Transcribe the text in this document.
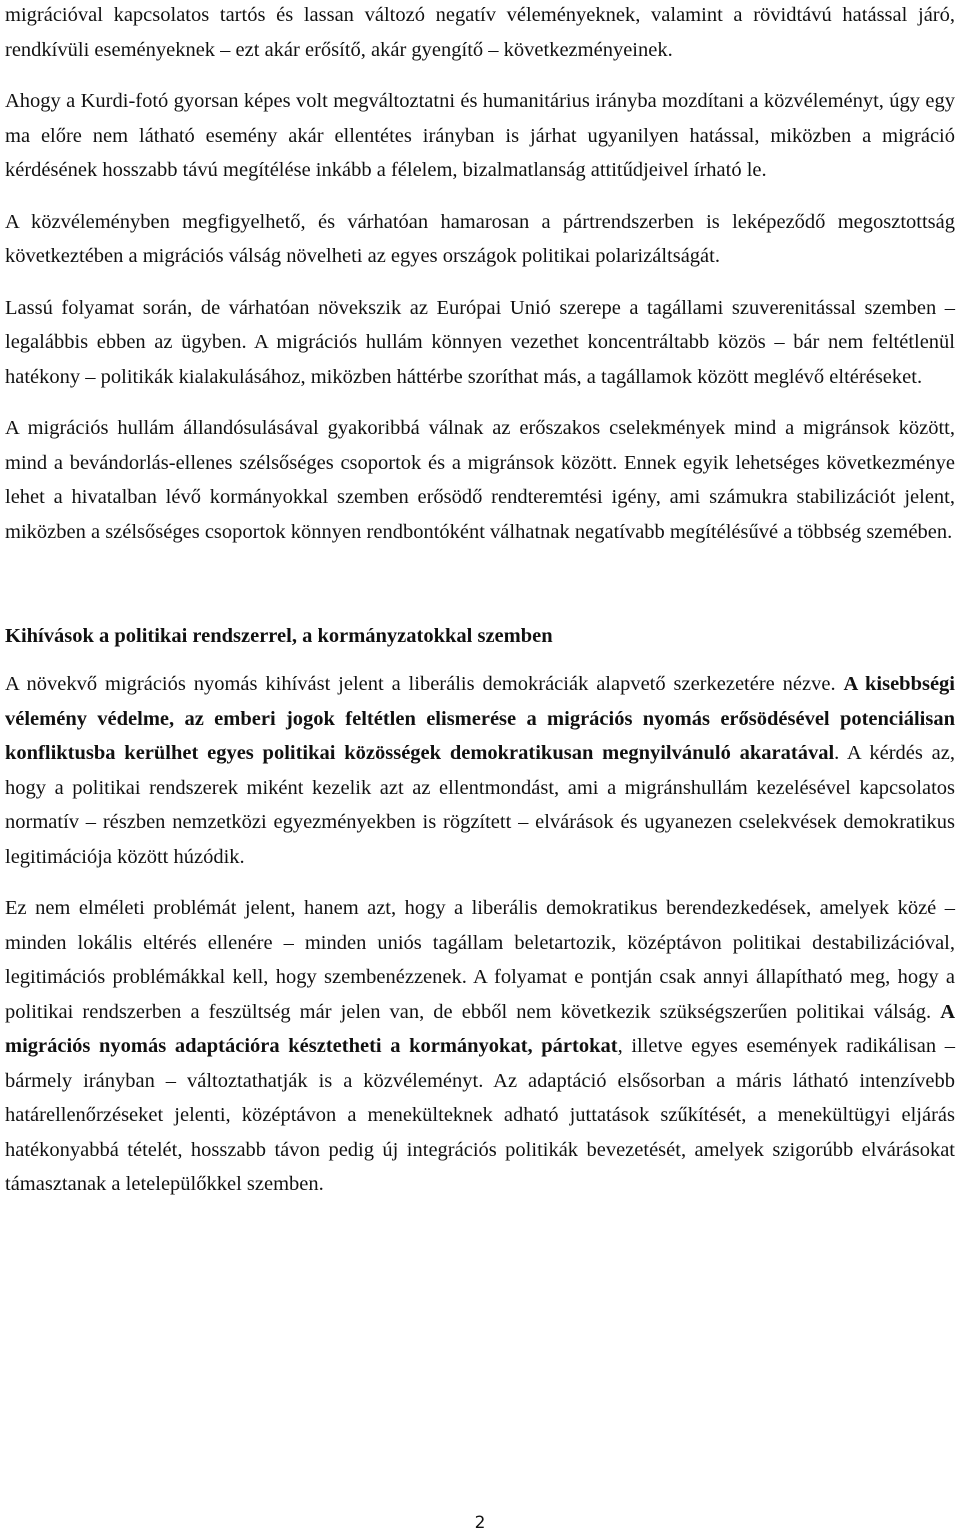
migrációval kapcsolatos tartós és lassan változó negatív véleményeknek, valamint a rövidtávú hatással járó, rendkívüli eseményeknek – ezt akár erősítő, akár gyengítő – következményeinek.

Ahogy a Kurdi-fotó gyorsan képes volt megváltoztatni és humanitárius irányba mozdítani a közvéleményt, úgy egy ma előre nem látható esemény akár ellentétes irányban is járhat ugyanilyen hatással, miközben a migráció kérdésének hosszabb távú megítélése inkább a félelem, bizalmatlanság attitűdjeivel írható le.

A közvéleményben megfigyelhető, és várhatóan hamarosan a pártrendszerben is leképeződő megosztottság következtében a migrációs válság növelheti az egyes országok politikai polarizáltságát.

Lassú folyamat során, de várhatóan növekszik az Európai Unió szerepe a tagállami szuverenitással szemben – legalábbis ebben az ügyben. A migrációs hullám könnyen vezethet koncentráltabb közös – bár nem feltétlenül hatékony – politikák kialakulásához, miközben háttérbe szoríthat más, a tagállamok között meglévő eltéréseket.

A migrációs hullám állandósulásával gyakoribbá válnak az erőszakos cselekmények mind a migránsok között, mind a bevándorlás-ellenes szélsőséges csoportok és a migránsok között. Ennek egyik lehetséges következménye lehet a hivatalban lévő kormányokkal szemben erősödő rendteremtési igény, ami számukra stabilizációt jelent, miközben a szélsőséges csoportok könnyen rendbontóként válhatnak negatívabb megítélésűvé a többség szemében.

Kihívások a politikai rendszerrel, a kormányzatokkal szemben

A növekvő migrációs nyomás kihívást jelent a liberális demokráciák alapvető szerkezetére nézve. A kisebbségi vélemény védelme, az emberi jogok feltétlen elismerése a migrációs nyomás erősödésével potenciálisan konfliktusba kerülhet egyes politikai közösségek demokratikusan megnyilvánuló akaratával. A kérdés az, hogy a politikai rendszerek miként kezelik azt az ellentmondást, ami a migránshullám kezelésével kapcsolatos normatív – részben nemzetközi egyezményekben is rögzített – elvárások és ugyanezen cselekvések demokratikus legitimációja között húzódik.

Ez nem elméleti problémát jelent, hanem azt, hogy a liberális demokratikus berendezkedések, amelyek közé – minden lokális eltérés ellenére – minden uniós tagállam beletartozik, középtávon politikai destabilizációval, legitimációs problémákkal kell, hogy szembenézzenek. A folyamat e pontján csak annyi állapítható meg, hogy a politikai rendszerben a feszültség már jelen van, de ebből nem következik szükségszerűen politikai válság. A migrációs nyomás adaptációra késztetheti a kormányokat, pártokat, illetve egyes események radikálisan – bármely irányban – változtathatják is a közvéleményt. Az adaptáció elsősorban a máris látható intenzívebb határellenőrzéseket jelenti, középtávon a menekülteknek adható juttatások szűkítését, a menekültügyi eljárás hatékonyabbá tételét, hosszabb távon pedig új integrációs politikák bevezetését, amelyek szigorúbb elvárásokat támasztanak a letelepülőkkel szemben.

2
